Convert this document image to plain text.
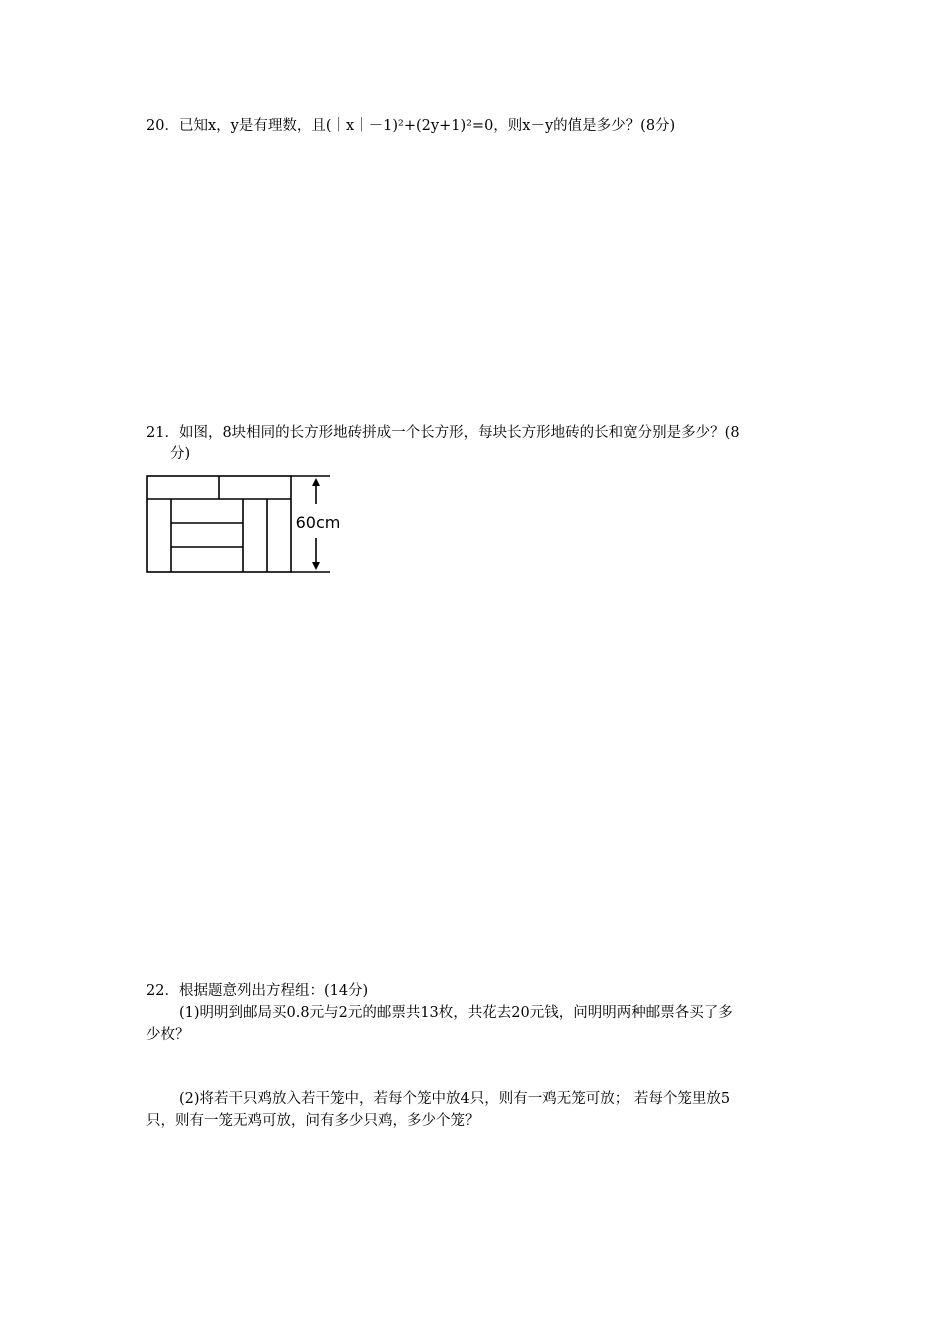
20．已知x，y是有理数，且(｜x｜－1)²+(2y+1)²=0，则x－y的值是多少？(8分)
21．如图，8块相同的长方形地砖拼成一个长方形，每块长方形地砖的长和宽分别是多少？(8
分)
60cm
22．根据题意列出方程组：(14分)
(1)明明到邮局买0.8元与2元的邮票共13枚，共花去20元钱，问明明两种邮票各买了多
少枚？
(2)将若干只鸡放入若干笼中，若每个笼中放4只，则有一鸡无笼可放； 若每个笼里放5
只，则有一笼无鸡可放，问有多少只鸡，多少个笼？
